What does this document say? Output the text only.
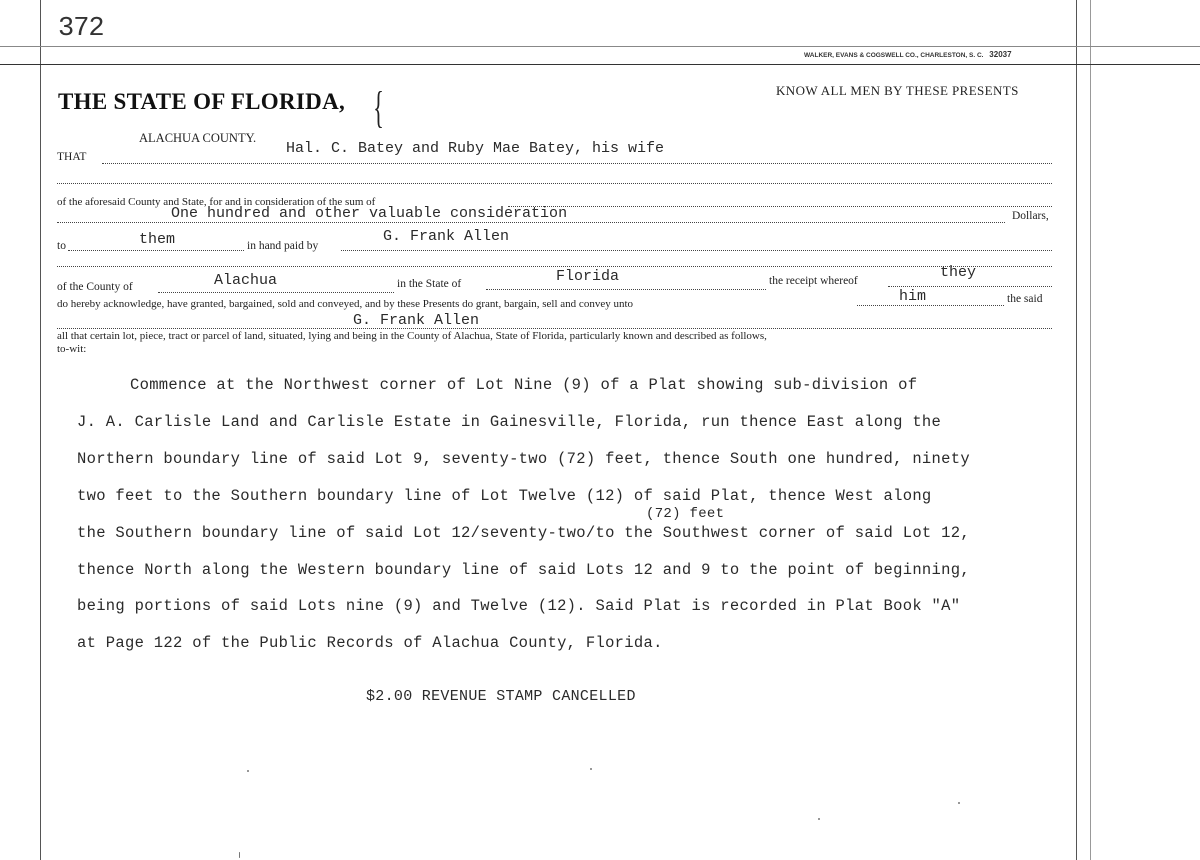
372
WALKER, EVANS & COGSWELL CO., CHARLESTON, S. C. 32037
THE STATE OF FLORIDA, {	KNOW ALL MEN BY THESE PRESENTS
ALACHUA COUNTY.
THAT	Hal. C. Batey and Ruby Mae Batey, his wife
of the aforesaid County and State, for and in consideration of the sum of
One hundred and other valuable consideration	Dollars,
to	them	in hand paid by
G. Frank Allen
of the County of	Alachua	in the State of	Florida	the receipt whereof	they
do hereby acknowledge, have granted, bargained, sold and conveyed, and by these Presents do grant, bargain, sell and convey unto	him	the said
G. Frank Allen
all that certain lot, piece, tract or parcel of land, situated, lying and being in the County of Alachua, State of Florida, particularly known and described as follows,
to-wit:
Commence at the Northwest corner of Lot Nine (9) of a Plat showing sub-division of
J. A. Carlisle Land and Carlisle Estate in Gainesville, Florida, run thence East along the
Northern boundary line of said Lot 9, seventy-two (72) feet, thence South one hundred, ninety
two feet to the Southern boundary line of Lot Twelve (12) of said Plat, thence West along
(72) feet
the Southern boundary line of said Lot 12/seventy-two/to the Southwest corner of said Lot 12,
thence North along the Western boundary line of said Lots 12 and 9 to the point of beginning,
being portions of said Lots nine (9) and Twelve (12). Said Plat is recorded in Plat Book "A"
at Page 122 of the Public Records of Alachua County, Florida.
$2.00 REVENUE STAMP CANCELLED
